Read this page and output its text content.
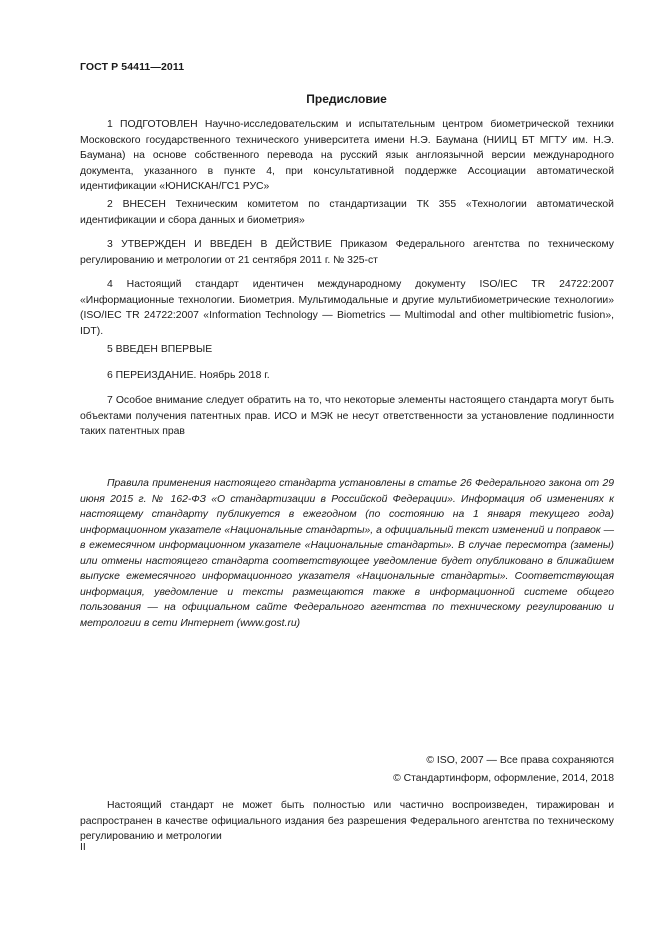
ГОСТ Р 54411—2011
Предисловие

1 ПОДГОТОВЛЕН Научно-исследовательским и испытательным центром биометрической техники Московского государственного технического университета имени Н.Э. Баумана (НИИЦ БТ МГТУ им. Н.Э. Баумана) на основе собственного перевода на русский язык англоязычной версии международного документа, указанного в пункте 4, при консультативной поддержке Ассоциации автоматической идентификации «ЮНИСКАН/ГС1 РУС»

2 ВНЕСЕН Техническим комитетом по стандартизации ТК 355 «Технологии автоматической идентификации и сбора данных и биометрия»

3 УТВЕРЖДЕН И ВВЕДЕН В ДЕЙСТВИЕ Приказом Федерального агентства по техническому регулированию и метрологии от 21 сентября 2011 г. № 325-ст

4 Настоящий стандарт идентичен международному документу ISO/IEC TR 24722:2007 «Информационные технологии. Биометрия. Мультимодальные и другие мультибиометрические технологии» (ISO/IEC TR 24722:2007 «Information Technology — Biometrics — Multimodal and other multibiometric fusion», IDT).

5 ВВЕДЕН ВПЕРВЫЕ

6 ПЕРЕИЗДАНИЕ. Ноябрь 2018 г.

7 Особое внимание следует обратить на то, что некоторые элементы настоящего стандарта могут быть объектами получения патентных прав. ИСО и МЭК не несут ответственности за установление подлинности таких патентных прав

Правила применения настоящего стандарта установлены в статье 26 Федерального закона от 29 июня 2015 г. № 162-ФЗ «О стандартизации в Российской Федерации». Информация об изменениях к настоящему стандарту публикуется в ежегодном (по состоянию на 1 января текущего года) информационном указателе «Национальные стандарты», а официальный текст изменений и поправок — в ежемесячном информационном указателе «Национальные стандарты». В случае пересмотра (замены) или отмены настоящего стандарта соответствующее уведомление будет опубликовано в ближайшем выпуске ежемесячного информационного указателя «Национальные стандарты». Соответствующая информация, уведомление и тексты размещаются также в информационной системе общего пользования — на официальном сайте Федерального агентства по техническому регулированию и метрологии в сети Интернет (www.gost.ru)

© ISO, 2007 — Все права сохраняются
© Стандартинформ, оформление, 2014, 2018

Настоящий стандарт не может быть полностью или частично воспроизведен, тиражирован и распространен в качестве официального издания без разрешения Федерального агентства по техническому регулированию и метрологии

II
